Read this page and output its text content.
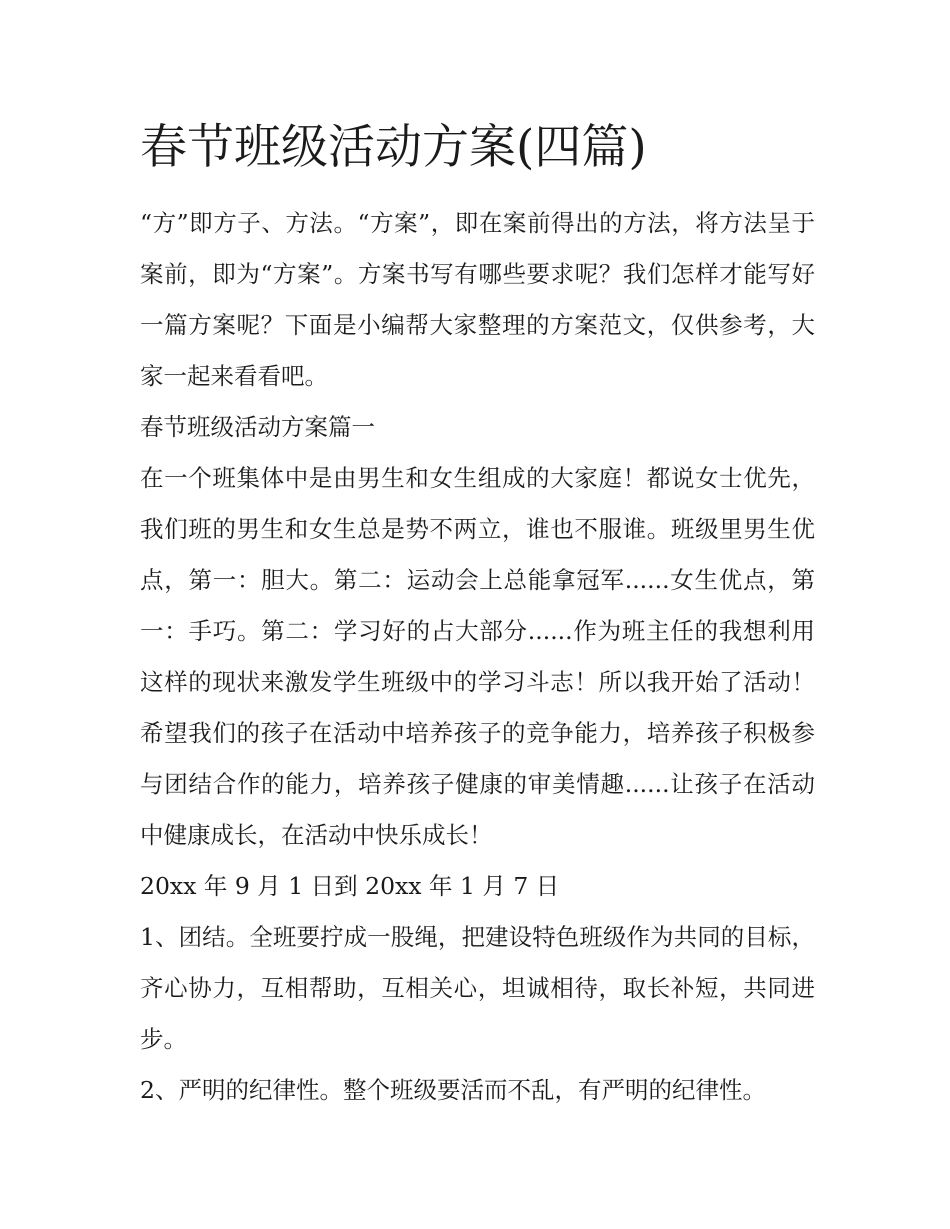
春节班级活动方案(四篇)

“方”即方子、方法。“方案”，即在案前得出的方法，将方法呈于案前，即为“方案”。方案书写有哪些要求呢？我们怎样才能写好一篇方案呢？下面是小编帮大家整理的方案范文，仅供参考，大家一起来看看吧。

春节班级活动方案篇一

在一个班集体中是由男生和女生组成的大家庭！都说女士优先，我们班的男生和女生总是势不两立，谁也不服谁。班级里男生优点，第一：胆大。第二：运动会上总能拿冠军......女生优点，第一：手巧。第二：学习好的占大部分......作为班主任的我想利用这样的现状来激发学生班级中的学习斗志！所以我开始了活动！希望我们的孩子在活动中培养孩子的竞争能力，培养孩子积极参与团结合作的能力，培养孩子健康的审美情趣......让孩子在活动中健康成长，在活动中快乐成长！

20xx 年 9 月 1 日到 20xx 年 1 月 7 日

1、团结。全班要拧成一股绳，把建设特色班级作为共同的目标，齐心协力，互相帮助，互相关心，坦诚相待，取长补短，共同进步。

2、严明的纪律性。整个班级要活而不乱，有严明的纪律性。
